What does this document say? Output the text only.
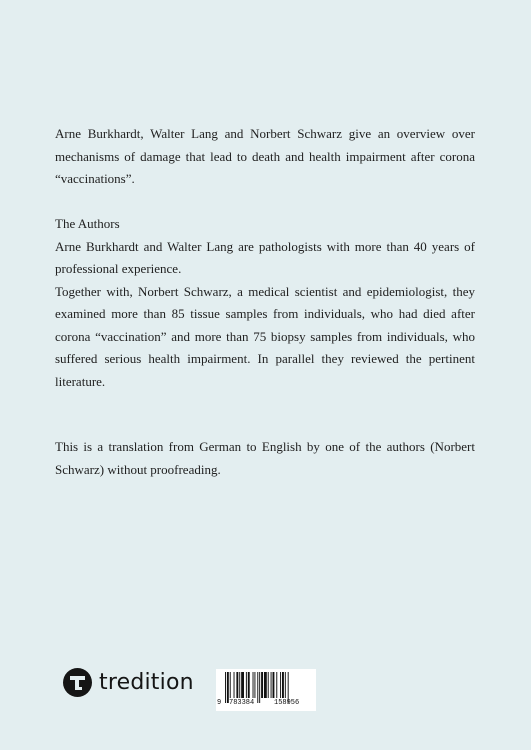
Arne Burkhardt, Walter Lang and Norbert Schwarz give an overview over mechanisms of damage that lead to death and health impairment after corona “vaccinations”.

The Authors

Arne Burkhardt and Walter Lang are pathologists with more than 40 years of professional experience.

Together with, Norbert Schwarz, a medical scientist and epidemiologist, they examined more than 85 tissue samples from individuals, who had died after corona “vaccination” and more than 75 biopsy samples from individuals, who suffered serious health impairment. In parallel they reviewed the pertinent literature.

This is a translation from German to English by one of the authors (Norbert Schwarz) without proofreading.

tredition
9 783384	158956
